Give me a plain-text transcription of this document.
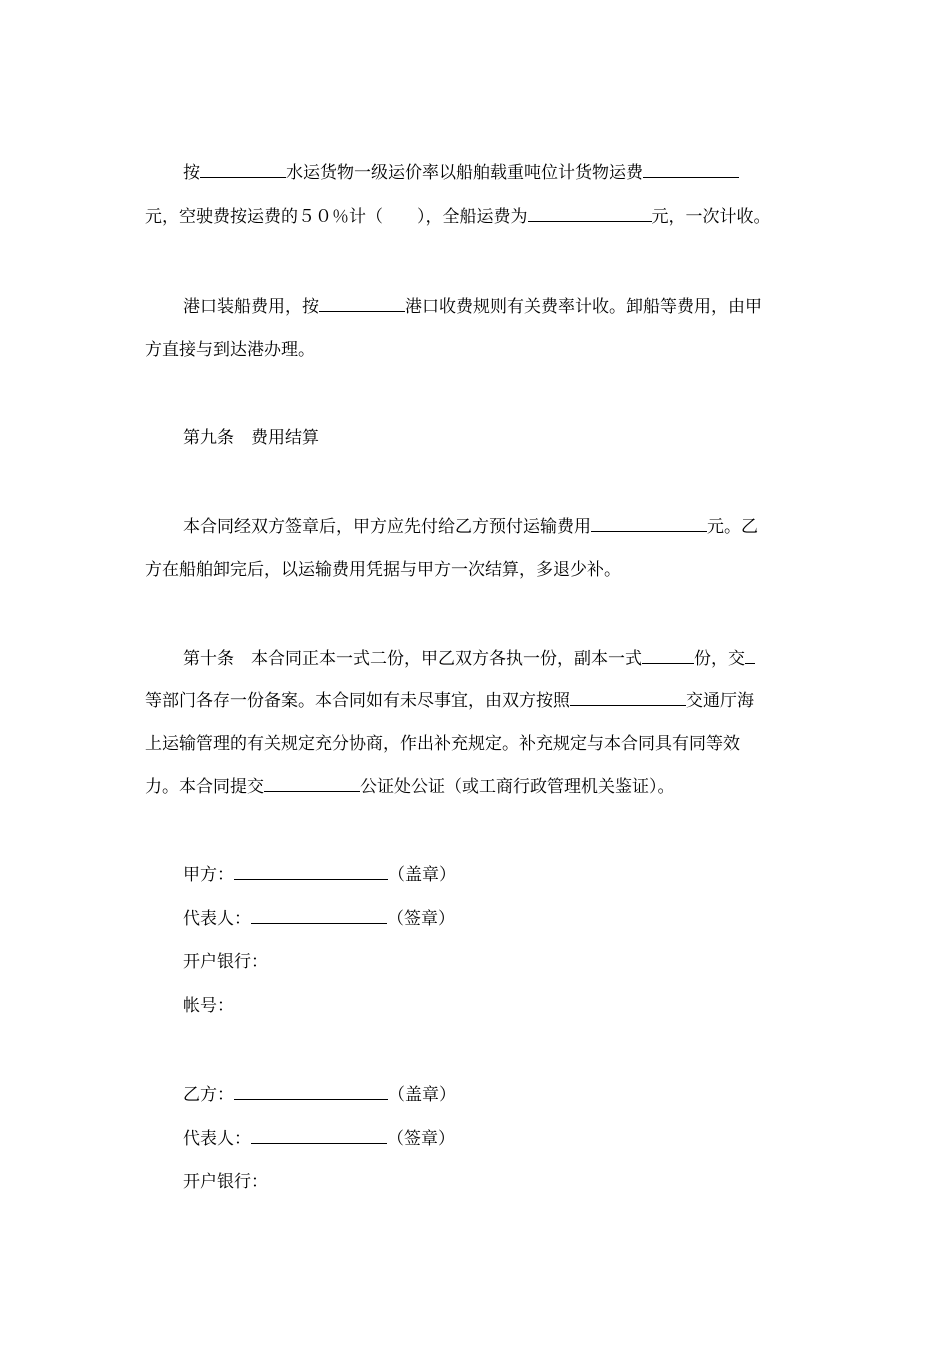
按	水运货物一级运价率以船舶载重吨位计货物运费
元，空驶费按运费的５０％计（　　），全船运费为	元，一次计收。
港口装船费用，按	港口收费规则有关费率计收。卸船等费用，由甲
方直接与到达港办理。
第九条　费用结算
本合同经双方签章后，甲方应先付给乙方预付运输费用	元。乙
方在船舶卸完后，以运输费用凭据与甲方一次结算，多退少补。
第十条　本合同正本一式二份，甲乙双方各执一份，副本一式	份，交
等部门各存一份备案。本合同如有未尽事宜，由双方按照	交通厅海
上运输管理的有关规定充分协商，作出补充规定。补充规定与本合同具有同等效
力。本合同提交	公证处公证（或工商行政管理机关鉴证）。
甲方：	（盖章）
代表人：	（签章）
开户银行：
帐号：
乙方：	（盖章）
代表人：	（签章）
开户银行：
